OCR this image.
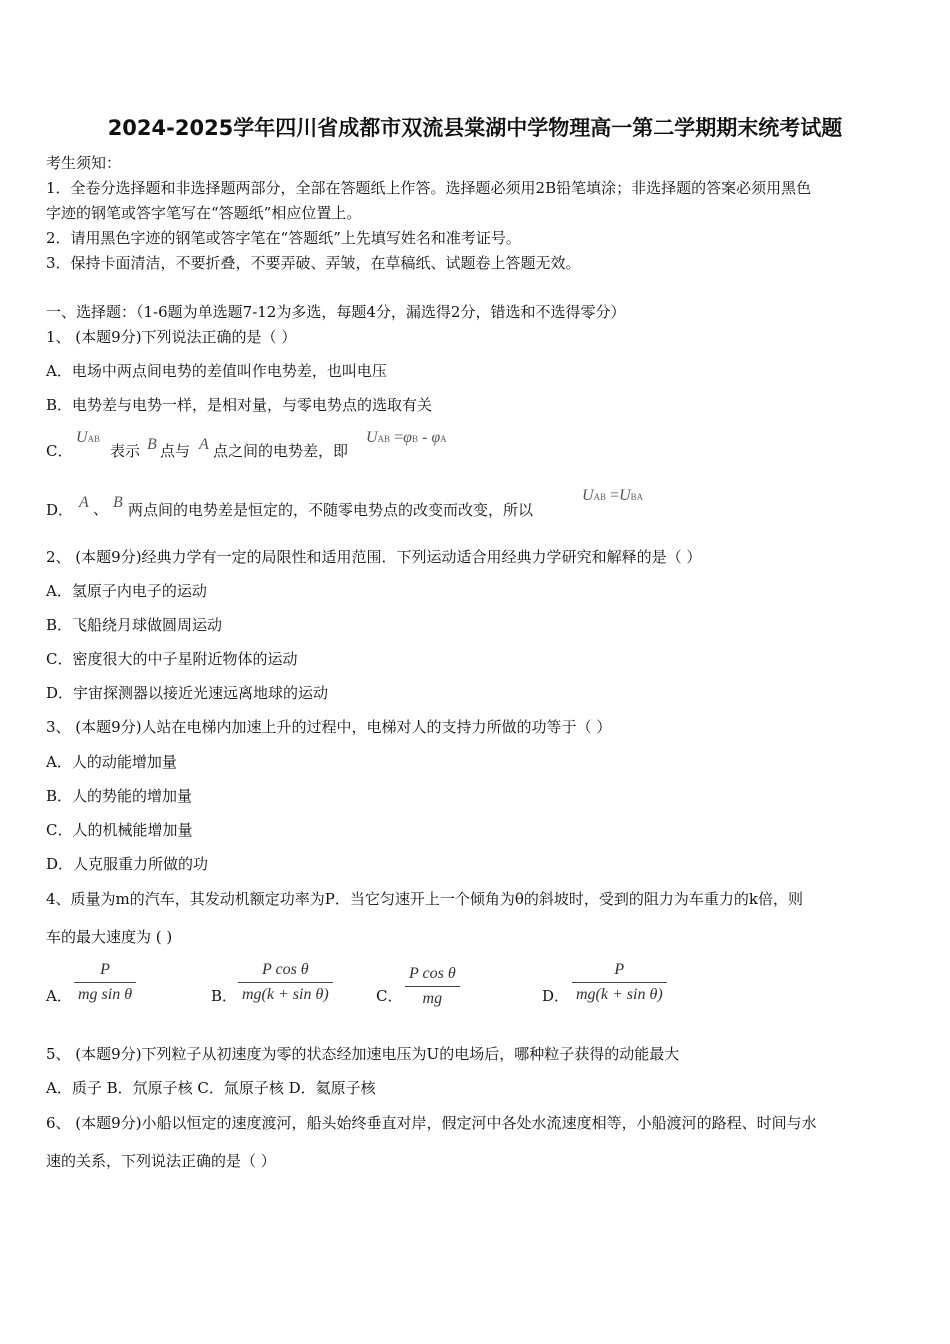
2024-2025学年四川省成都市双流县棠湖中学物理高一第二学期期末统考试题
考生须知：
1．全卷分选择题和非选择题两部分，全部在答题纸上作答。选择题必须用2B铅笔填涂；非选择题的答案必须用黑色
字迹的钢笔或答字笔写在“答题纸”相应位置上。
2．请用黑色字迹的钢笔或答字笔在“答题纸”上先填写姓名和准考证号。
3．保持卡面清洁，不要折叠，不要弄破、弄皱，在草稿纸、试题卷上答题无效。
一、选择题：（1-6题为单选题7-12为多选，每题4分，漏选得2分，错选和不选得零分）
1、 (本题9分)下列说法正确的是（ ）
A．电场中两点间电势的差值叫作电势差，也叫电压
B．电势差与电势一样，是相对量，与零电势点的选取有关
C．
UAB
表示 B 点与 A 点之间的电势差，即
UAB =φB - φA
D． A 、 B 两点间的电势差是恒定的，不随零电势点的改变而改变，所以
UAB =UBA
2、 (本题9分)经典力学有一定的局限性和适用范围．下列运动适合用经典力学研究和解释的是（ ）
A．氢原子内电子的运动
B．飞船绕月球做圆周运动
C．密度很大的中子星附近物体的运动
D．宇宙探测器以接近光速远离地球的运动
3、 (本题9分)人站在电梯内加速上升的过程中，电梯对人的支持力所做的功等于（ ）
A．人的动能增加量
B．人的势能的增加量
C．人的机械能增加量
D．人克服重力所做的功
4、质量为m的汽车，其发动机额定功率为P．当它匀速开上一个倾角为θ的斜坡时，受到的阻力为车重力的k倍，则
车的最大速度为 ( )
A． $\frac{P}{\text{mg sin θ}}$	B． $\frac{\text{P cos θ}}{\text{mg(k + sin θ)}}$	C． $\frac{\text{P cos θ}}{mg}$	D． $\frac{P}{\text{mg(k + sin θ)}}$
5、 (本题9分)下列粒子从初速度为零的状态经加速电压为U的电场后，哪种粒子获得的动能最大
A．质子 B．氘原子核 C．氚原子核 D．氦原子核
6、 (本题9分)小船以恒定的速度渡河，船头始终垂直对岸，假定河中各处水流速度相等，小船渡河的路程、时间与水
速的关系，下列说法正确的是（ ）
